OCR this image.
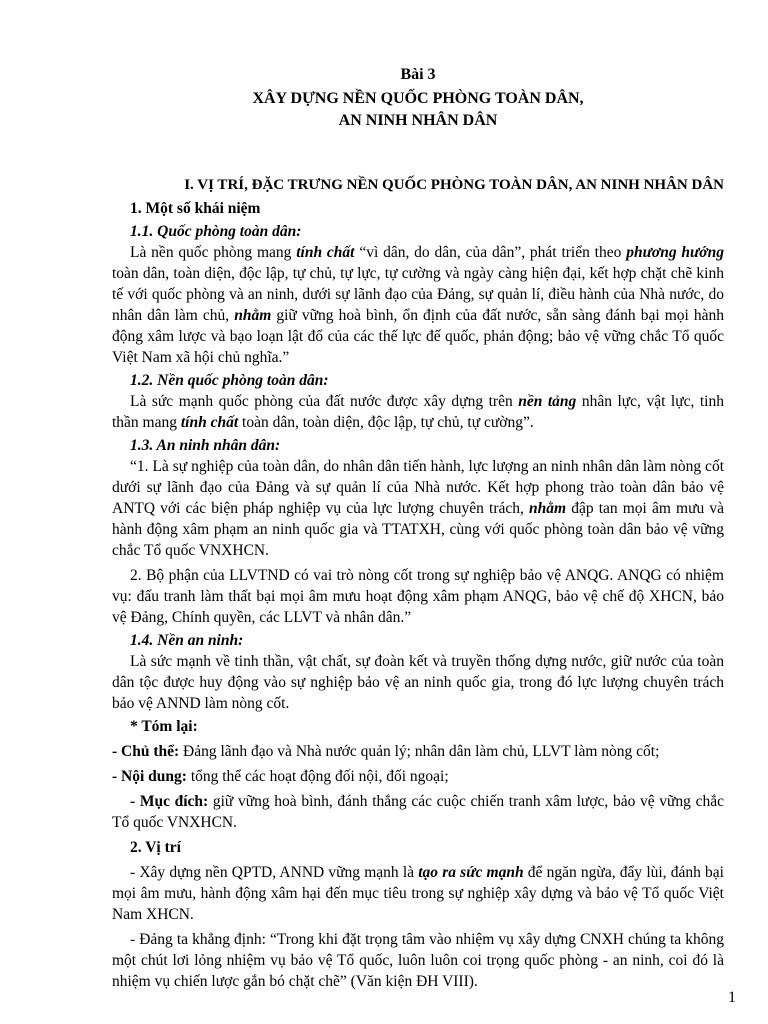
Bài 3
XÂY DỰNG NỀN QUỐC PHÒNG TOÀN DÂN,
AN NINH NHÂN DÂN
I. VỊ TRÍ, ĐẶC TRƯNG NỀN QUỐC PHÒNG TOÀN DÂN, AN NINH NHÂN DÂN
1. Một số khái niệm
1.1. Quốc phòng toàn dân:

Là nền quốc phòng mang tính chất “vì dân, do dân, của dân”, phát triển theo phương hướng toàn dân, toàn diện, độc lập, tự chủ, tự lực, tự cường và ngày càng hiện đại, kết hợp chặt chẽ kinh tế với quốc phòng và an ninh, dưới sự lãnh đạo của Đảng, sự quản lí, điều hành của Nhà nước, do nhân dân làm chủ, nhằm giữ vững hoà bình, ổn định của đất nước, sẵn sàng đánh bại mọi hành động xâm lược và bạo loạn lật đổ của các thế lực đế quốc, phản động; bảo vệ vững chắc Tổ quốc Việt Nam xã hội chủ nghĩa.”

1.2. Nền quốc phòng toàn dân:

Là sức mạnh quốc phòng của đất nước được xây dựng trên nền tảng nhân lực, vật lực, tinh thần mang tính chất toàn dân, toàn diện, độc lập, tự chủ, tự cường”.

1.3. An ninh nhân dân:

“1. Là sự nghiệp của toàn dân, do nhân dân tiến hành, lực lượng an ninh nhân dân làm nòng cốt dưới sự lãnh đạo của Đảng và sự quản lí của Nhà nước. Kết hợp phong trào toàn dân bảo vệ ANTQ với các biện pháp nghiệp vụ của lực lượng chuyên trách, nhằm đập tan mọi âm mưu và hành động xâm phạm an ninh quốc gia và TTATXH, cùng với quốc phòng toàn dân bảo vệ vững chắc Tổ quốc VNXHCN.

2. Bộ phận của LLVTND có vai trò nòng cốt trong sự nghiệp bảo vệ ANQG. ANQG có nhiệm vụ: đấu tranh làm thất bại mọi âm mưu hoạt động xâm phạm ANQG, bảo vệ chế độ XHCN, bảo vệ Đảng, Chính quyền, các LLVT và nhân dân.”

1.4. Nền an ninh:

Là sức mạnh về tinh thần, vật chất, sự đoàn kết và truyền thống dựng nước, giữ nước của toàn dân tộc được huy động vào sự nghiệp bảo vệ an ninh quốc gia, trong đó lực lượng chuyên trách bảo vệ ANND làm nòng cốt.

* Tóm lại:

- Chủ thể: Đảng lãnh đạo và Nhà nước quản lý; nhân dân làm chủ, LLVT làm nòng cốt;

- Nội dung: tổng thể các hoạt động đối nội, đối ngoại;

- Mục đích: giữ vững hoà bình, đánh thắng các cuộc chiến tranh xâm lược, bảo vệ vững chắc Tổ quốc VNXHCN.

2. Vị trí

- Xây dựng nền QPTD, ANND vững mạnh là tạo ra sức mạnh để ngăn ngừa, đẩy lùi, đánh bại mọi âm mưu, hành động xâm hại đến mục tiêu trong sự nghiệp xây dựng và bảo vệ Tổ quốc Việt Nam XHCN.

- Đảng ta khẳng định: “Trong khi đặt trọng tâm vào nhiệm vụ xây dựng CNXH chúng ta không một chút lơi lỏng nhiệm vụ bảo vệ Tổ quốc, luôn luôn coi trọng quốc phòng - an ninh, coi đó là nhiệm vụ chiến lược gắn bó chặt chẽ” (Văn kiện ĐH VIII).

1
